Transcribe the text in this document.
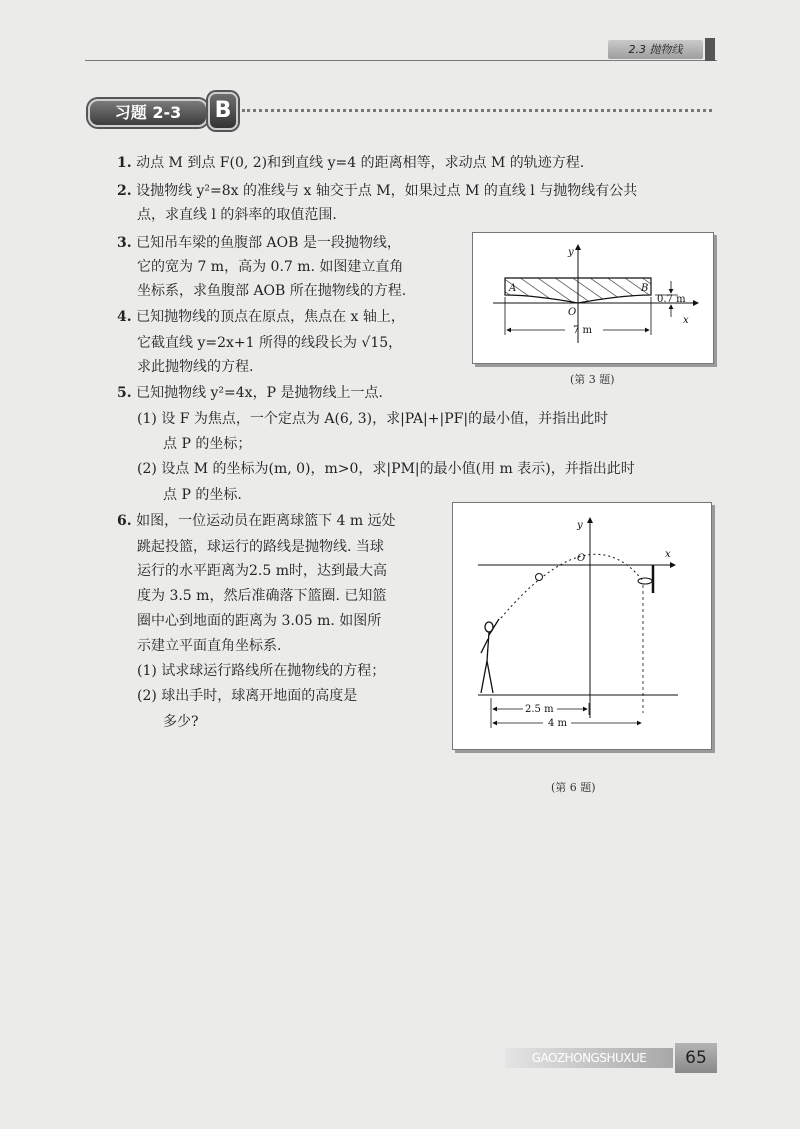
2.3 抛物线
习题 2-3	B
1. 动点 M 到点 F(0, 2)和到直线 y=4 的距离相等，求动点 M 的轨迹方程.
2. 设抛物线 y²=8x 的准线与 x 轴交于点 M，如果过点 M 的直线 l 与抛物线有公共
点，求直线 l 的斜率的取值范围.
3. 已知吊车梁的鱼腹部 AOB 是一段抛物线，
它的宽为 7 m，高为 0.7 m. 如图建立直角
坐标系，求鱼腹部 AOB 所在抛物线的方程.
4. 已知抛物线的顶点在原点，焦点在 x 轴上，
它截直线 y=2x+1 所得的线段长为 √15，
求此抛物线的方程.
5. 已知抛物线 y²=4x，P 是抛物线上一点.
(1) 设 F 为焦点，一个定点为 A(6, 3)，求|PA|+|PF|的最小值，并指出此时
点 P 的坐标；
(2) 设点 M 的坐标为(m, 0)，m>0，求|PM|的最小值(用 m 表示)，并指出此时
点 P 的坐标.
6. 如图，一位运动员在距离球篮下 4 m 远处
跳起投篮，球运行的路线是抛物线. 当球
运行的水平距离为2.5 m时，达到最大高
度为 3.5 m，然后准确落下篮圈. 已知篮
圈中心到地面的距离为 3.05 m. 如图所
示建立平面直角坐标系.
(1) 试求球运行路线所在抛物线的方程；
(2) 球出手时，球离开地面的高度是
多少?
y
x
O
A	B
0.7 m
7 m
(第 3 题)
y
x
O
2.5 m
4 m
(第 6 题)
GAOZHONGSHUXUE	65
